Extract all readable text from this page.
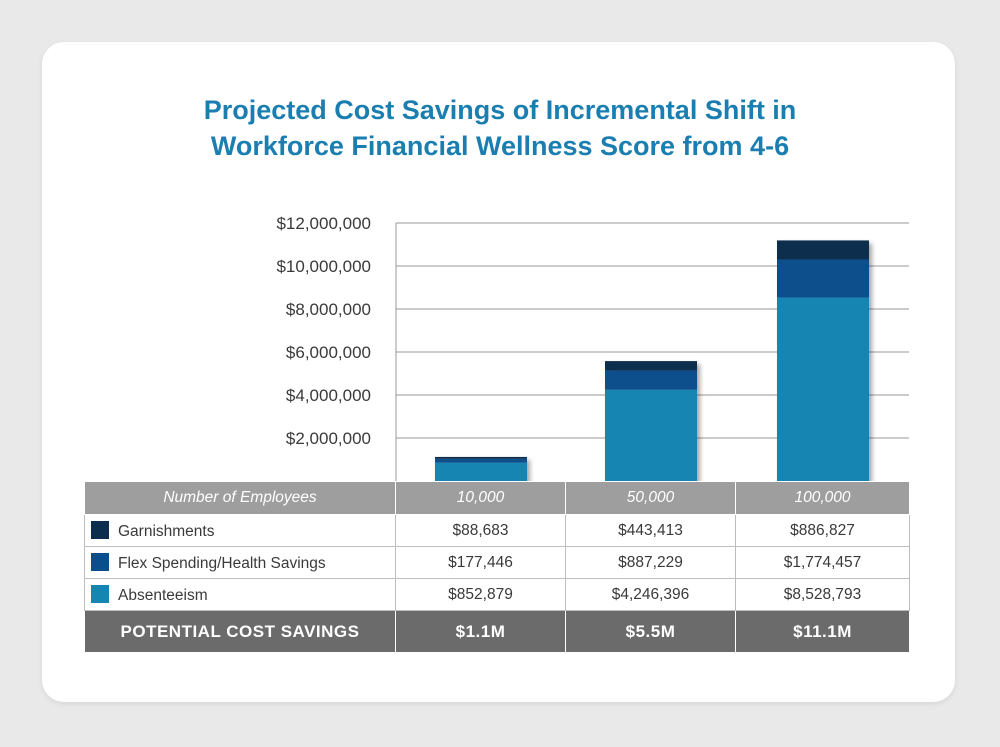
Projected Cost Savings of Incremental Shift in
Workforce Financial Wellness Score from 4-6
$2,000,000
$4,000,000
$6,000,000
$8,000,000
$10,000,000
$12,000,000
Number of Employees	10,000	50,000	100,000
Garnishments	$88,683	$443,413	$886,827
Flex Spending/Health Savings	$177,446	$887,229	$1,774,457
Absenteeism	$852,879	$4,246,396	$8,528,793
POTENTIAL COST SAVINGS	$1.1M	$5.5M	$11.1M
